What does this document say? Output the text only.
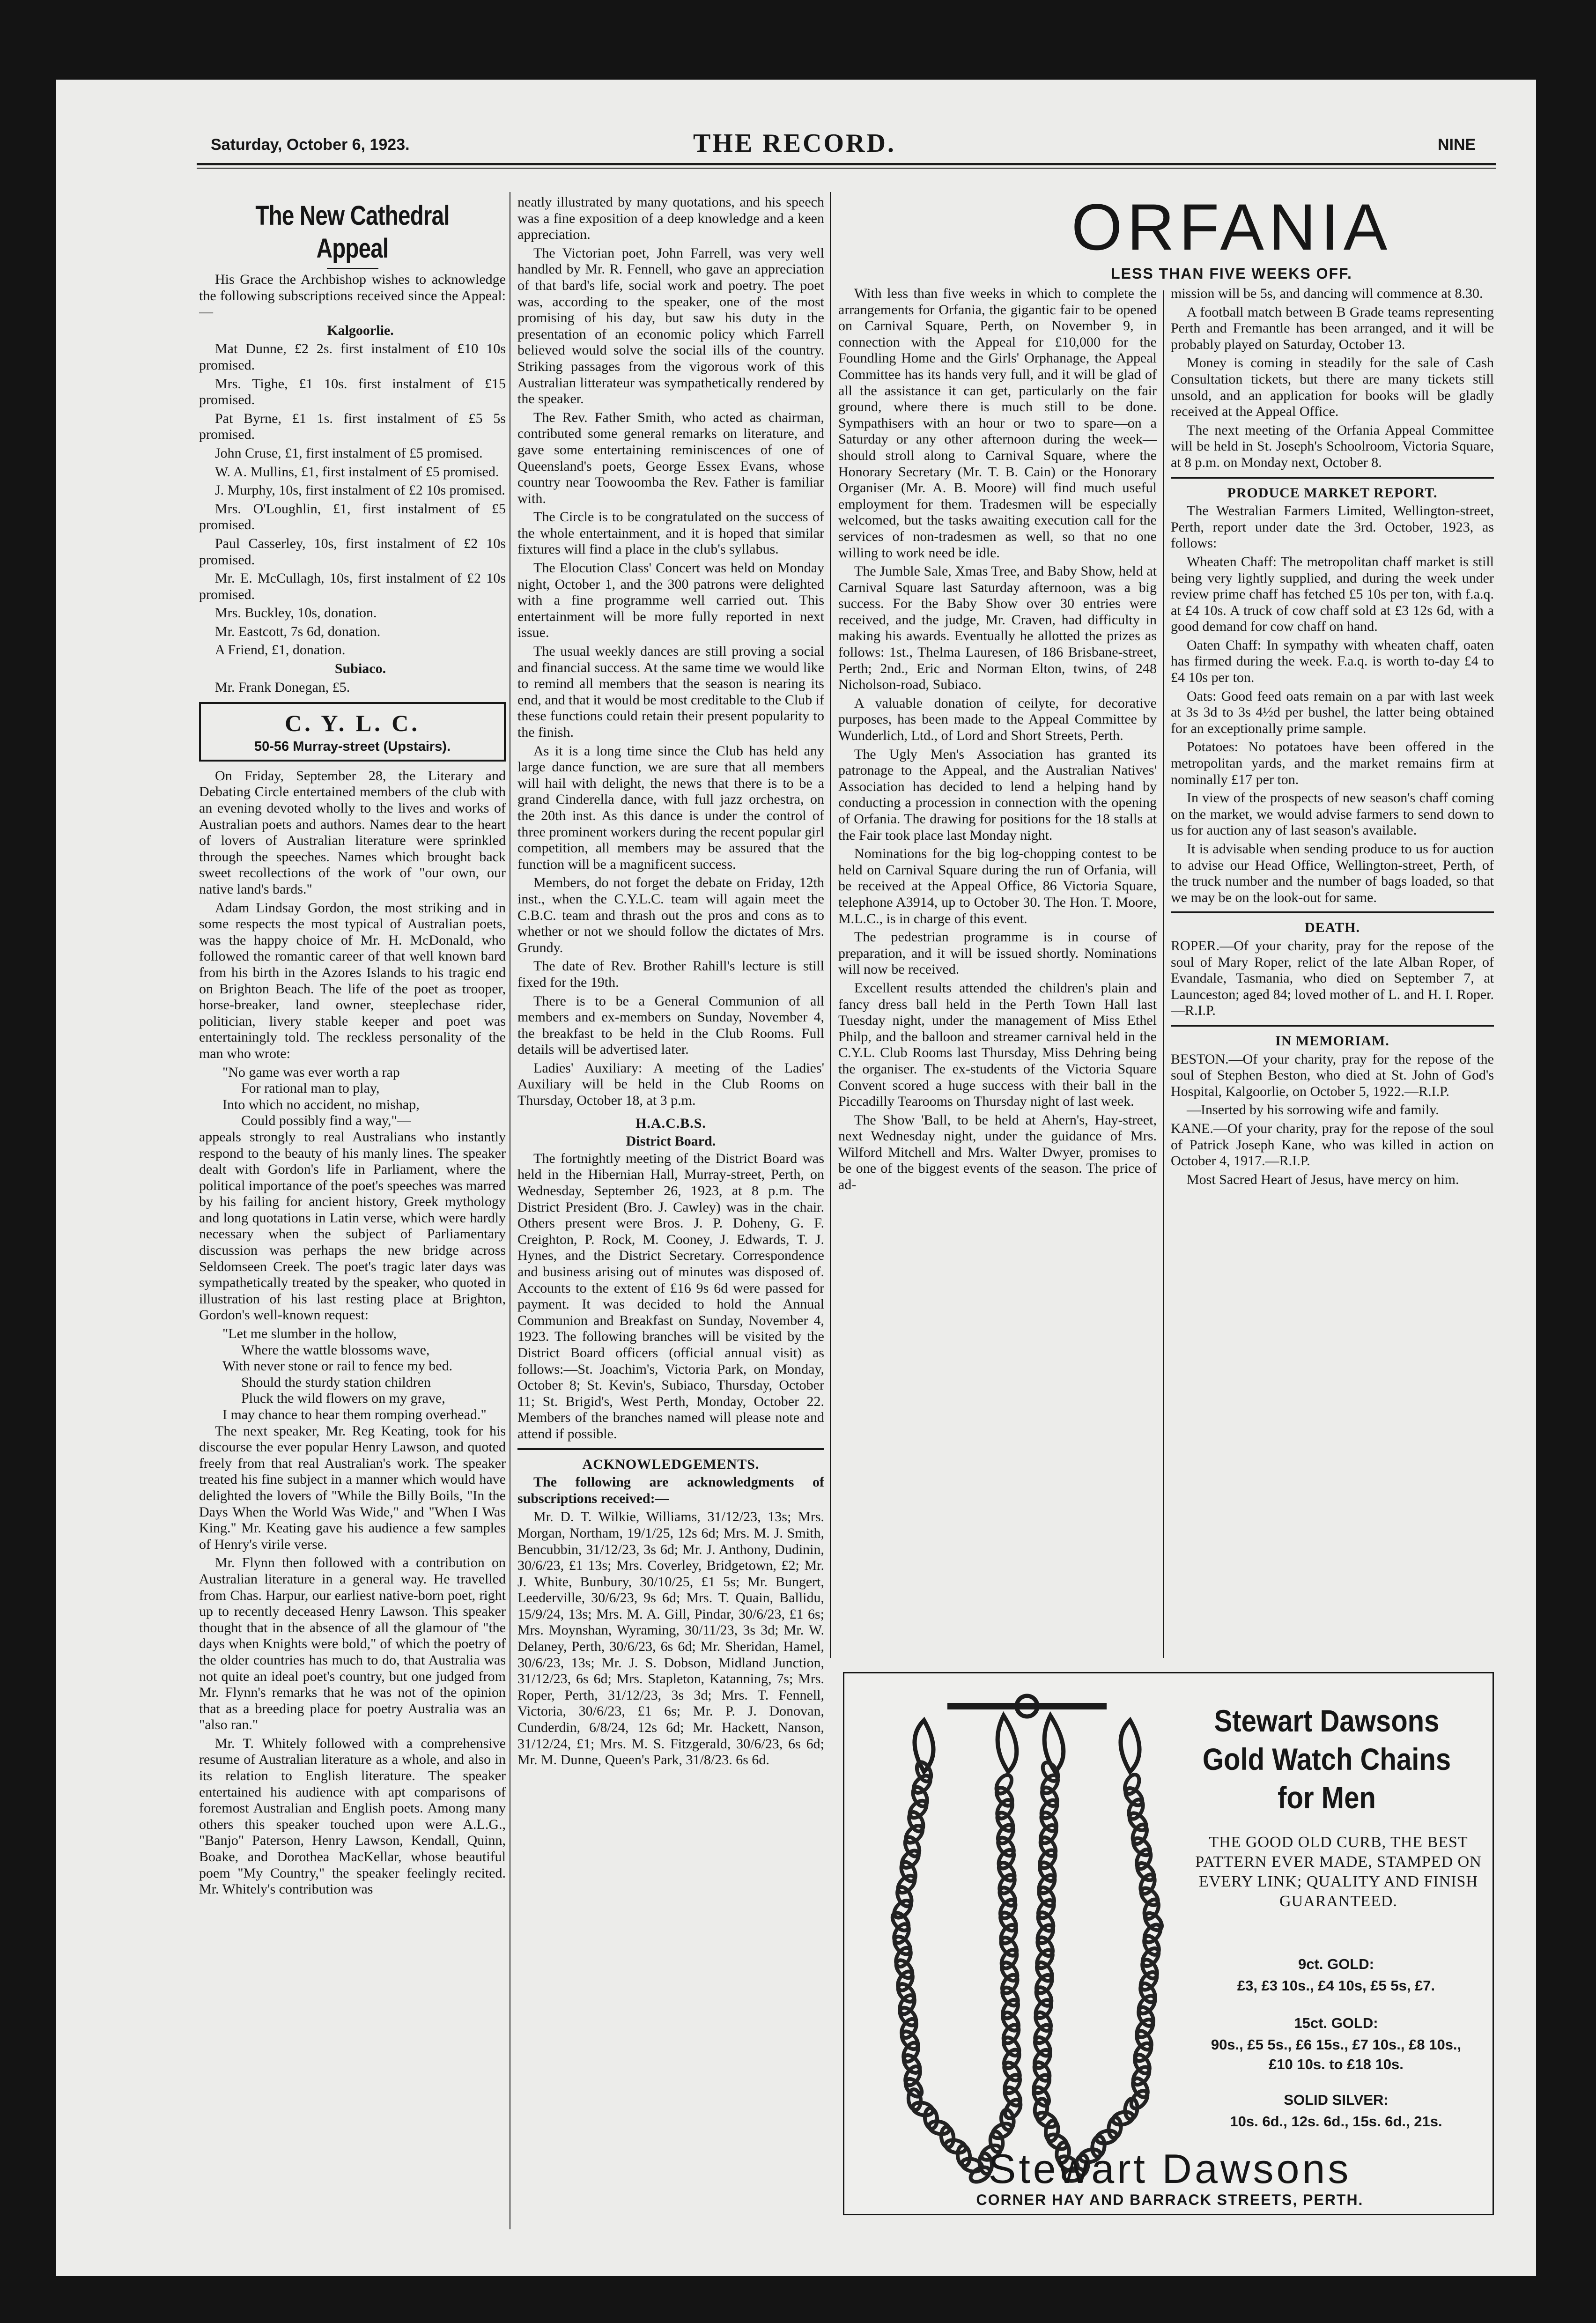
Saturday, October 6, 1923.	THE RECORD.	NINE
The New Cathedral Appeal

His Grace the Archbishop wishes to acknowledge the following subscriptions received since the Appeal:—

Kalgoorlie.

Mat Dunne, £2 2s. first instalment of £10 10s promised.

Mrs. Tighe, £1 10s. first instalment of £15 promised.

Pat Byrne, £1 1s. first instalment of £5 5s promised.

John Cruse, £1, first instalment of £5 promised.

W. A. Mullins, £1, first instalment of £5 promised.

J. Murphy, 10s, first instalment of £2 10s promised.

Mrs. O'Loughlin, £1, first instalment of £5 promised.

Paul Casserley, 10s, first instalment of £2 10s promised.

Mr. E. McCullagh, 10s, first instalment of £2 10s promised.

Mrs. Buckley, 10s, donation.

Mr. Eastcott, 7s 6d, donation.

A Friend, £1, donation.

Subiaco.

Mr. Frank Donegan, £5.

C. Y. L. C.
50-56 Murray-street (Upstairs).

On Friday, September 28, the Literary and Debating Circle entertained members of the club with an evening devoted wholly to the lives and works of Australian poets and authors. Names dear to the heart of lovers of Australian literature were sprinkled through the speeches. Names which brought back sweet recollections of the work of "our own, our native land's bards."

Adam Lindsay Gordon, the most striking and in some respects the most typical of Australian poets, was the happy choice of Mr. H. McDonald, who followed the romantic career of that well known bard from his birth in the Azores Islands to his tragic end on Brighton Beach. The life of the poet as trooper, horse-breaker, land owner, steeplechase rider, politician, livery stable keeper and poet was entertainingly told. The reckless personality of the man who wrote:

"No game was ever worth a rap
For rational man to play,
Into which no accident, no mishap,
Could possibly find a way,"—

appeals strongly to real Australians who instantly respond to the beauty of his manly lines. The speaker dealt with Gordon's life in Parliament, where the political importance of the poet's speeches was marred by his failing for ancient history, Greek mythology and long quotations in Latin verse, which were hardly necessary when the subject of Parliamentary discussion was perhaps the new bridge across Seldomseen Creek. The poet's tragic later days was sympathetically treated by the speaker, who quoted in illustration of his last resting place at Brighton, Gordon's well-known request:

"Let me slumber in the hollow,
Where the wattle blossoms wave,
With never stone or rail to fence my bed.
Should the sturdy station children
Pluck the wild flowers on my grave,
I may chance to hear them romping overhead."

The next speaker, Mr. Reg Keating, took for his discourse the ever popular Henry Lawson, and quoted freely from that real Australian's work. The speaker treated his fine subject in a manner which would have delighted the lovers of "While the Billy Boils, "In the Days When the World Was Wide," and "When I Was King." Mr. Keating gave his audience a few samples of Henry's virile verse.

Mr. Flynn then followed with a contribution on Australian literature in a general way. He travelled from Chas. Harpur, our earliest native-born poet, right up to recently deceased Henry Lawson. This speaker thought that in the absence of all the glamour of "the days when Knights were bold," of which the poetry of the older countries has much to do, that Australia was not quite an ideal poet's country, but one judged from Mr. Flynn's remarks that he was not of the opinion that as a breeding place for poetry Australia was an "also ran."

Mr. T. Whitely followed with a comprehensive resume of Australian literature as a whole, and also in its relation to English literature. The speaker entertained his audience with apt comparisons of foremost Australian and English poets. Among many others this speaker touched upon were A.L.G., "Banjo" Paterson, Henry Lawson, Kendall, Quinn, Boake, and Dorothea MacKellar, whose beautiful poem "My Country," the speaker feelingly recited. Mr. Whitely's contribution was

neatly illustrated by many quotations, and his speech was a fine exposition of a deep knowledge and a keen appreciation.

The Victorian poet, John Farrell, was very well handled by Mr. R. Fennell, who gave an appreciation of that bard's life, social work and poetry. The poet was, according to the speaker, one of the most promising of his day, but saw his duty in the presentation of an economic policy which Farrell believed would solve the social ills of the country. Striking passages from the vigorous work of this Australian litterateur was sympathetically rendered by the speaker.

The Rev. Father Smith, who acted as chairman, contributed some general remarks on literature, and gave some entertaining reminiscences of one of Queensland's poets, George Essex Evans, whose country near Toowoomba the Rev. Father is familiar with.

The Circle is to be congratulated on the success of the whole entertainment, and it is hoped that similar fixtures will find a place in the club's syllabus.

The Elocution Class' Concert was held on Monday night, October 1, and the 300 patrons were delighted with a fine programme well carried out. This entertainment will be more fully reported in next issue.

The usual weekly dances are still proving a social and financial success. At the same time we would like to remind all members that the season is nearing its end, and that it would be most creditable to the Club if these functions could retain their present popularity to the finish.

As it is a long time since the Club has held any large dance function, we are sure that all members will hail with delight, the news that there is to be a grand Cinderella dance, with full jazz orchestra, on the 20th inst. As this dance is under the control of three prominent workers during the recent popular girl competition, all members may be assured that the function will be a magnificent success.

Members, do not forget the debate on Friday, 12th inst., when the C.Y.L.C. team will again meet the C.B.C. team and thrash out the pros and cons as to whether or not we should follow the dictates of Mrs. Grundy.

The date of Rev. Brother Rahill's lecture is still fixed for the 19th.

There is to be a General Communion of all members and ex-members on Sunday, November 4, the breakfast to be held in the Club Rooms. Full details will be advertised later.

Ladies' Auxiliary: A meeting of the Ladies' Auxiliary will be held in the Club Rooms on Thursday, October 18, at 3 p.m.

H.A.C.B.S.
District Board.

The fortnightly meeting of the District Board was held in the Hibernian Hall, Murray-street, Perth, on Wednesday, September 26, 1923, at 8 p.m. The District President (Bro. J. Cawley) was in the chair. Others present were Bros. J. P. Doheny, G. F. Creighton, P. Rock, M. Cooney, J. Edwards, T. J. Hynes, and the District Secretary. Correspondence and business arising out of minutes was disposed of. Accounts to the extent of £16 9s 6d were passed for payment. It was decided to hold the Annual Communion and Breakfast on Sunday, November 4, 1923. The following branches will be visited by the District Board officers (official annual visit) as follows:—St. Joachim's, Victoria Park, on Monday, October 8; St. Kevin's, Subiaco, Thursday, October 11; St. Brigid's, West Perth, Monday, October 22. Members of the branches named will please note and attend if possible.

ACKNOWLEDGEMENTS.

The following are acknowledgments of subscriptions received:—

Mr. D. T. Wilkie, Williams, 31/12/23, 13s; Mrs. Morgan, Northam, 19/1/25, 12s 6d; Mrs. M. J. Smith, Bencubbin, 31/12/23, 3s 6d; Mr. J. Anthony, Dudinin, 30/6/23, £1 13s; Mrs. Coverley, Bridgetown, £2; Mr. J. White, Bunbury, 30/10/25, £1 5s; Mr. Bungert, Leederville, 30/6/23, 9s 6d; Mrs. T. Quain, Ballidu, 15/9/24, 13s; Mrs. M. A. Gill, Pindar, 30/6/23, £1 6s; Mrs. Moynshan, Wyraming, 30/11/23, 3s 3d; Mr. W. Delaney, Perth, 30/6/23, 6s 6d; Mr. Sheridan, Hamel, 30/6/23, 13s; Mr. J. S. Dobson, Midland Junction, 31/12/23, 6s 6d; Mrs. Stapleton, Katanning, 7s; Mrs. Roper, Perth, 31/12/23, 3s 3d; Mrs. T. Fennell, Victoria, 30/6/23, £1 6s; Mr. P. J. Donovan, Cunderdin, 6/8/24, 12s 6d; Mr. Hackett, Nanson, 31/12/24, £1; Mrs. M. S. Fitzgerald, 30/6/23, 6s 6d; Mr. M. Dunne, Queen's Park, 31/8/23. 6s 6d.

ORFANIA
LESS THAN FIVE WEEKS OFF.

With less than five weeks in which to complete the arrangements for Orfania, the gigantic fair to be opened on Carnival Square, Perth, on November 9, in connection with the Appeal for £10,000 for the Foundling Home and the Girls' Orphanage, the Appeal Committee has its hands very full, and it will be glad of all the assistance it can get, particularly on the fair ground, where there is much still to be done. Sympathisers with an hour or two to spare—on a Saturday or any other afternoon during the week—should stroll along to Carnival Square, where the Honorary Secretary (Mr. T. B. Cain) or the Honorary Organiser (Mr. A. B. Moore) will find much useful employment for them. Tradesmen will be especially welcomed, but the tasks awaiting execution call for the services of non-tradesmen as well, so that no one willing to work need be idle.

The Jumble Sale, Xmas Tree, and Baby Show, held at Carnival Square last Saturday afternoon, was a big success. For the Baby Show over 30 entries were received, and the judge, Mr. Craven, had difficulty in making his awards. Eventually he allotted the prizes as follows: 1st., Thelma Lauresen, of 186 Brisbane-street, Perth; 2nd., Eric and Norman Elton, twins, of 248 Nicholson-road, Subiaco.

A valuable donation of ceilyte, for decorative purposes, has been made to the Appeal Committee by Wunderlich, Ltd., of Lord and Short Streets, Perth.

The Ugly Men's Association has granted its patronage to the Appeal, and the Australian Natives' Association has decided to lend a helping hand by conducting a procession in connection with the opening of Orfania. The drawing for positions for the 18 stalls at the Fair took place last Monday night.

Nominations for the big log-chopping contest to be held on Carnival Square during the run of Orfania, will be received at the Appeal Office, 86 Victoria Square, telephone A3914, up to October 30. The Hon. T. Moore, M.L.C., is in charge of this event.

The pedestrian programme is in course of preparation, and it will be issued shortly. Nominations will now be received.

Excellent results attended the children's plain and fancy dress ball held in the Perth Town Hall last Tuesday night, under the management of Miss Ethel Philp, and the balloon and streamer carnival held in the C.Y.L. Club Rooms last Thursday, Miss Dehring being the organiser. The ex-students of the Victoria Square Convent scored a huge success with their ball in the Piccadilly Tearooms on Thursday night of last week.

The Show 'Ball, to be held at Ahern's, Hay-street, next Wednesday night, under the guidance of Mrs. Wilford Mitchell and Mrs. Walter Dwyer, promises to be one of the biggest events of the season. The price of ad-

mission will be 5s, and dancing will commence at 8.30.

A football match between B Grade teams representing Perth and Fremantle has been arranged, and it will be probably played on Saturday, October 13.

Money is coming in steadily for the sale of Cash Consultation tickets, but there are many tickets still unsold, and an application for books will be gladly received at the Appeal Office.

The next meeting of the Orfania Appeal Committee will be held in St. Joseph's Schoolroom, Victoria Square, at 8 p.m. on Monday next, October 8.

PRODUCE MARKET REPORT.

The Westralian Farmers Limited, Wellington-street, Perth, report under date the 3rd. October, 1923, as follows:

Wheaten Chaff: The metropolitan chaff market is still being very lightly supplied, and during the week under review prime chaff has fetched £5 10s per ton, with f.a.q. at £4 10s. A truck of cow chaff sold at £3 12s 6d, with a good demand for cow chaff on hand.

Oaten Chaff: In sympathy with wheaten chaff, oaten has firmed during the week. F.a.q. is worth to-day £4 to £4 10s per ton.

Oats: Good feed oats remain on a par with last week at 3s 3d to 3s 4½d per bushel, the latter being obtained for an exceptionally prime sample.

Potatoes: No potatoes have been offered in the metropolitan yards, and the market remains firm at nominally £17 per ton.

In view of the prospects of new season's chaff coming on the market, we would advise farmers to send down to us for auction any of last season's available.

It is advisable when sending produce to us for auction to advise our Head Office, Wellington-street, Perth, of the truck number and the number of bags loaded, so that we may be on the look-out for same.

DEATH.

ROPER.—Of your charity, pray for the repose of the soul of Mary Roper, relict of the late Alban Roper, of Evandale, Tasmania, who died on September 7, at Launceston; aged 84; loved mother of L. and H. I. Roper.—R.I.P.

IN MEMORIAM.

BESTON.—Of your charity, pray for the repose of the soul of Stephen Beston, who died at St. John of God's Hospital, Kalgoorlie, on October 5, 1922.—R.I.P.

—Inserted by his sorrowing wife and family.

KANE.—Of your charity, pray for the repose of the soul of Patrick Joseph Kane, who was killed in action on October 4, 1917.—R.I.P.

Most Sacred Heart of Jesus, have mercy on him.

Stewart Dawsons
Gold Watch Chains
for Men
THE GOOD OLD CURB, THE BEST PATTERN EVER MADE, STAMPED ON EVERY LINK; QUALITY AND FINISH GUARANTEED.
9ct. GOLD:
£3, £3 10s., £4 10s, £5 5s, £7.
15ct. GOLD:
90s., £5 5s., £6 15s., £7 10s., £8 10s.,
£10 10s. to £18 10s.
SOLID SILVER:
10s. 6d., 12s. 6d., 15s. 6d., 21s.
Stewart Dawsons
CORNER HAY AND BARRACK STREETS, PERTH.
